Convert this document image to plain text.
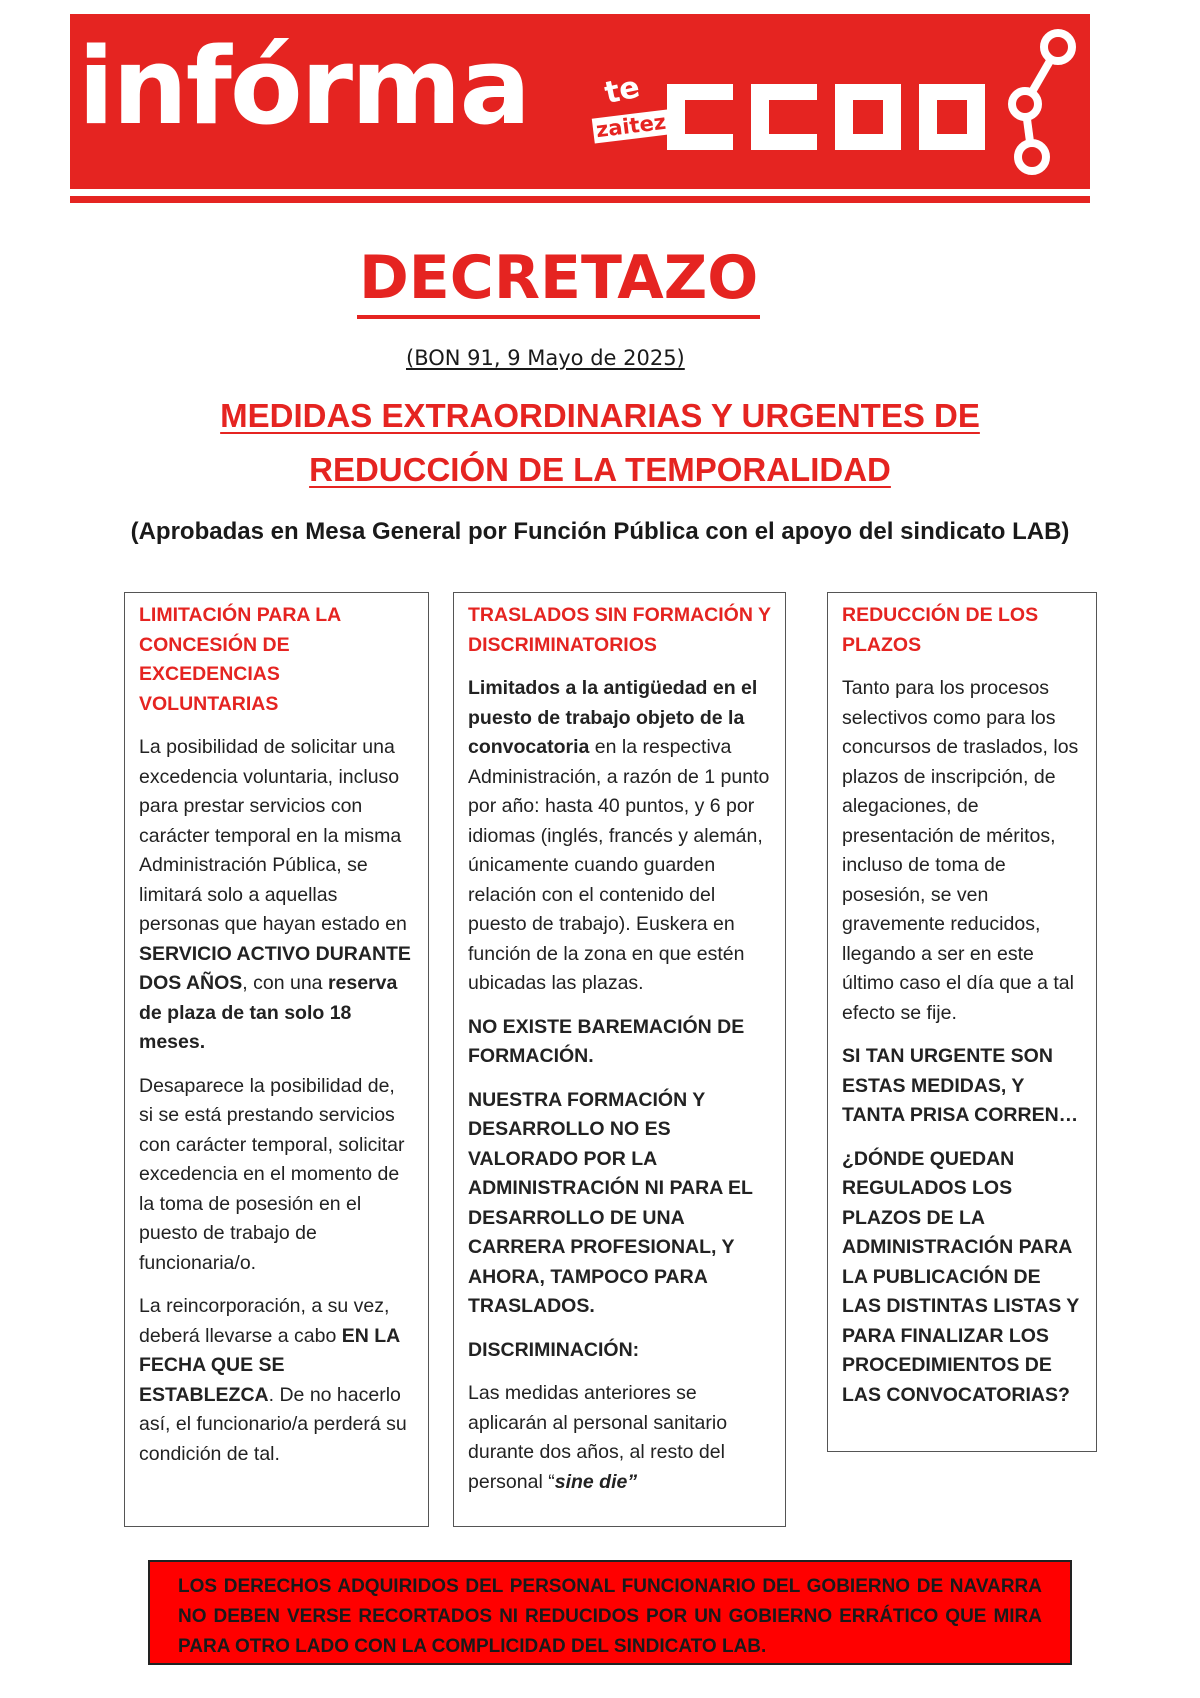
infórma te
zaitez
DECRETAZO
(BON 91, 9 Mayo de 2025)
MEDIDAS EXTRAORDINARIAS Y URGENTES DE
REDUCCIÓN DE LA TEMPORALIDAD
(Aprobadas en Mesa General por Función Pública con el apoyo del sindicato LAB)

LIMITACIÓN PARA LA CONCESIÓN DE EXCEDENCIAS VOLUNTARIAS

La posibilidad de solicitar una excedencia voluntaria, incluso para prestar servicios con carácter temporal en la misma Administración Pública, se limitará solo a aquellas personas que hayan estado en SERVICIO ACTIVO DURANTE DOS AÑOS, con una reserva de plaza de tan solo 18 meses.

Desaparece la posibilidad de, si se está prestando servicios con carácter temporal, solicitar excedencia en el momento de la toma de posesión en el puesto de trabajo de funcionaria/o.

La reincorporación, a su vez, deberá llevarse a cabo EN LA FECHA QUE SE ESTABLEZCA. De no hacerlo así, el funcionario/a perderá su condición de tal.

TRASLADOS SIN FORMACIÓN Y DISCRIMINATORIOS

Limitados a la antigüedad en el puesto de trabajo objeto de la convocatoria en la respectiva Administración, a razón de 1 punto por año: hasta 40 puntos, y 6 por idiomas (inglés, francés y alemán, únicamente cuando guarden relación con el contenido del puesto de trabajo). Euskera en función de la zona en que estén ubicadas las plazas.

NO EXISTE BAREMACIÓN DE FORMACIÓN.

NUESTRA FORMACIÓN Y DESARROLLO NO ES VALORADO POR LA ADMINISTRACIÓN NI PARA EL DESARROLLO DE UNA CARRERA PROFESIONAL, Y AHORA, TAMPOCO PARA TRASLADOS.

DISCRIMINACIÓN:

Las medidas anteriores se aplicarán al personal sanitario durante dos años, al resto del personal “sine die”

REDUCCIÓN DE LOS PLAZOS

Tanto para los procesos selectivos como para los concursos de traslados, los plazos de inscripción, de alegaciones, de presentación de méritos, incluso de toma de posesión, se ven gravemente reducidos, llegando a ser en este último caso el día que a tal efecto se fije.

SI TAN URGENTE SON ESTAS MEDIDAS, Y TANTA PRISA CORREN…

¿DÓNDE QUEDAN REGULADOS LOS PLAZOS DE LA ADMINISTRACIÓN PARA LA PUBLICACIÓN DE LAS DISTINTAS LISTAS Y PARA FINALIZAR LOS PROCEDIMIENTOS DE LAS CONVOCATORIAS?

LOS DERECHOS ADQUIRIDOS DEL PERSONAL FUNCIONARIO DEL GOBIERNO DE NAVARRA NO DEBEN VERSE RECORTADOS NI REDUCIDOS POR UN GOBIERNO ERRÁTICO QUE MIRA PARA OTRO LADO CON LA COMPLICIDAD DEL SINDICATO LAB.
